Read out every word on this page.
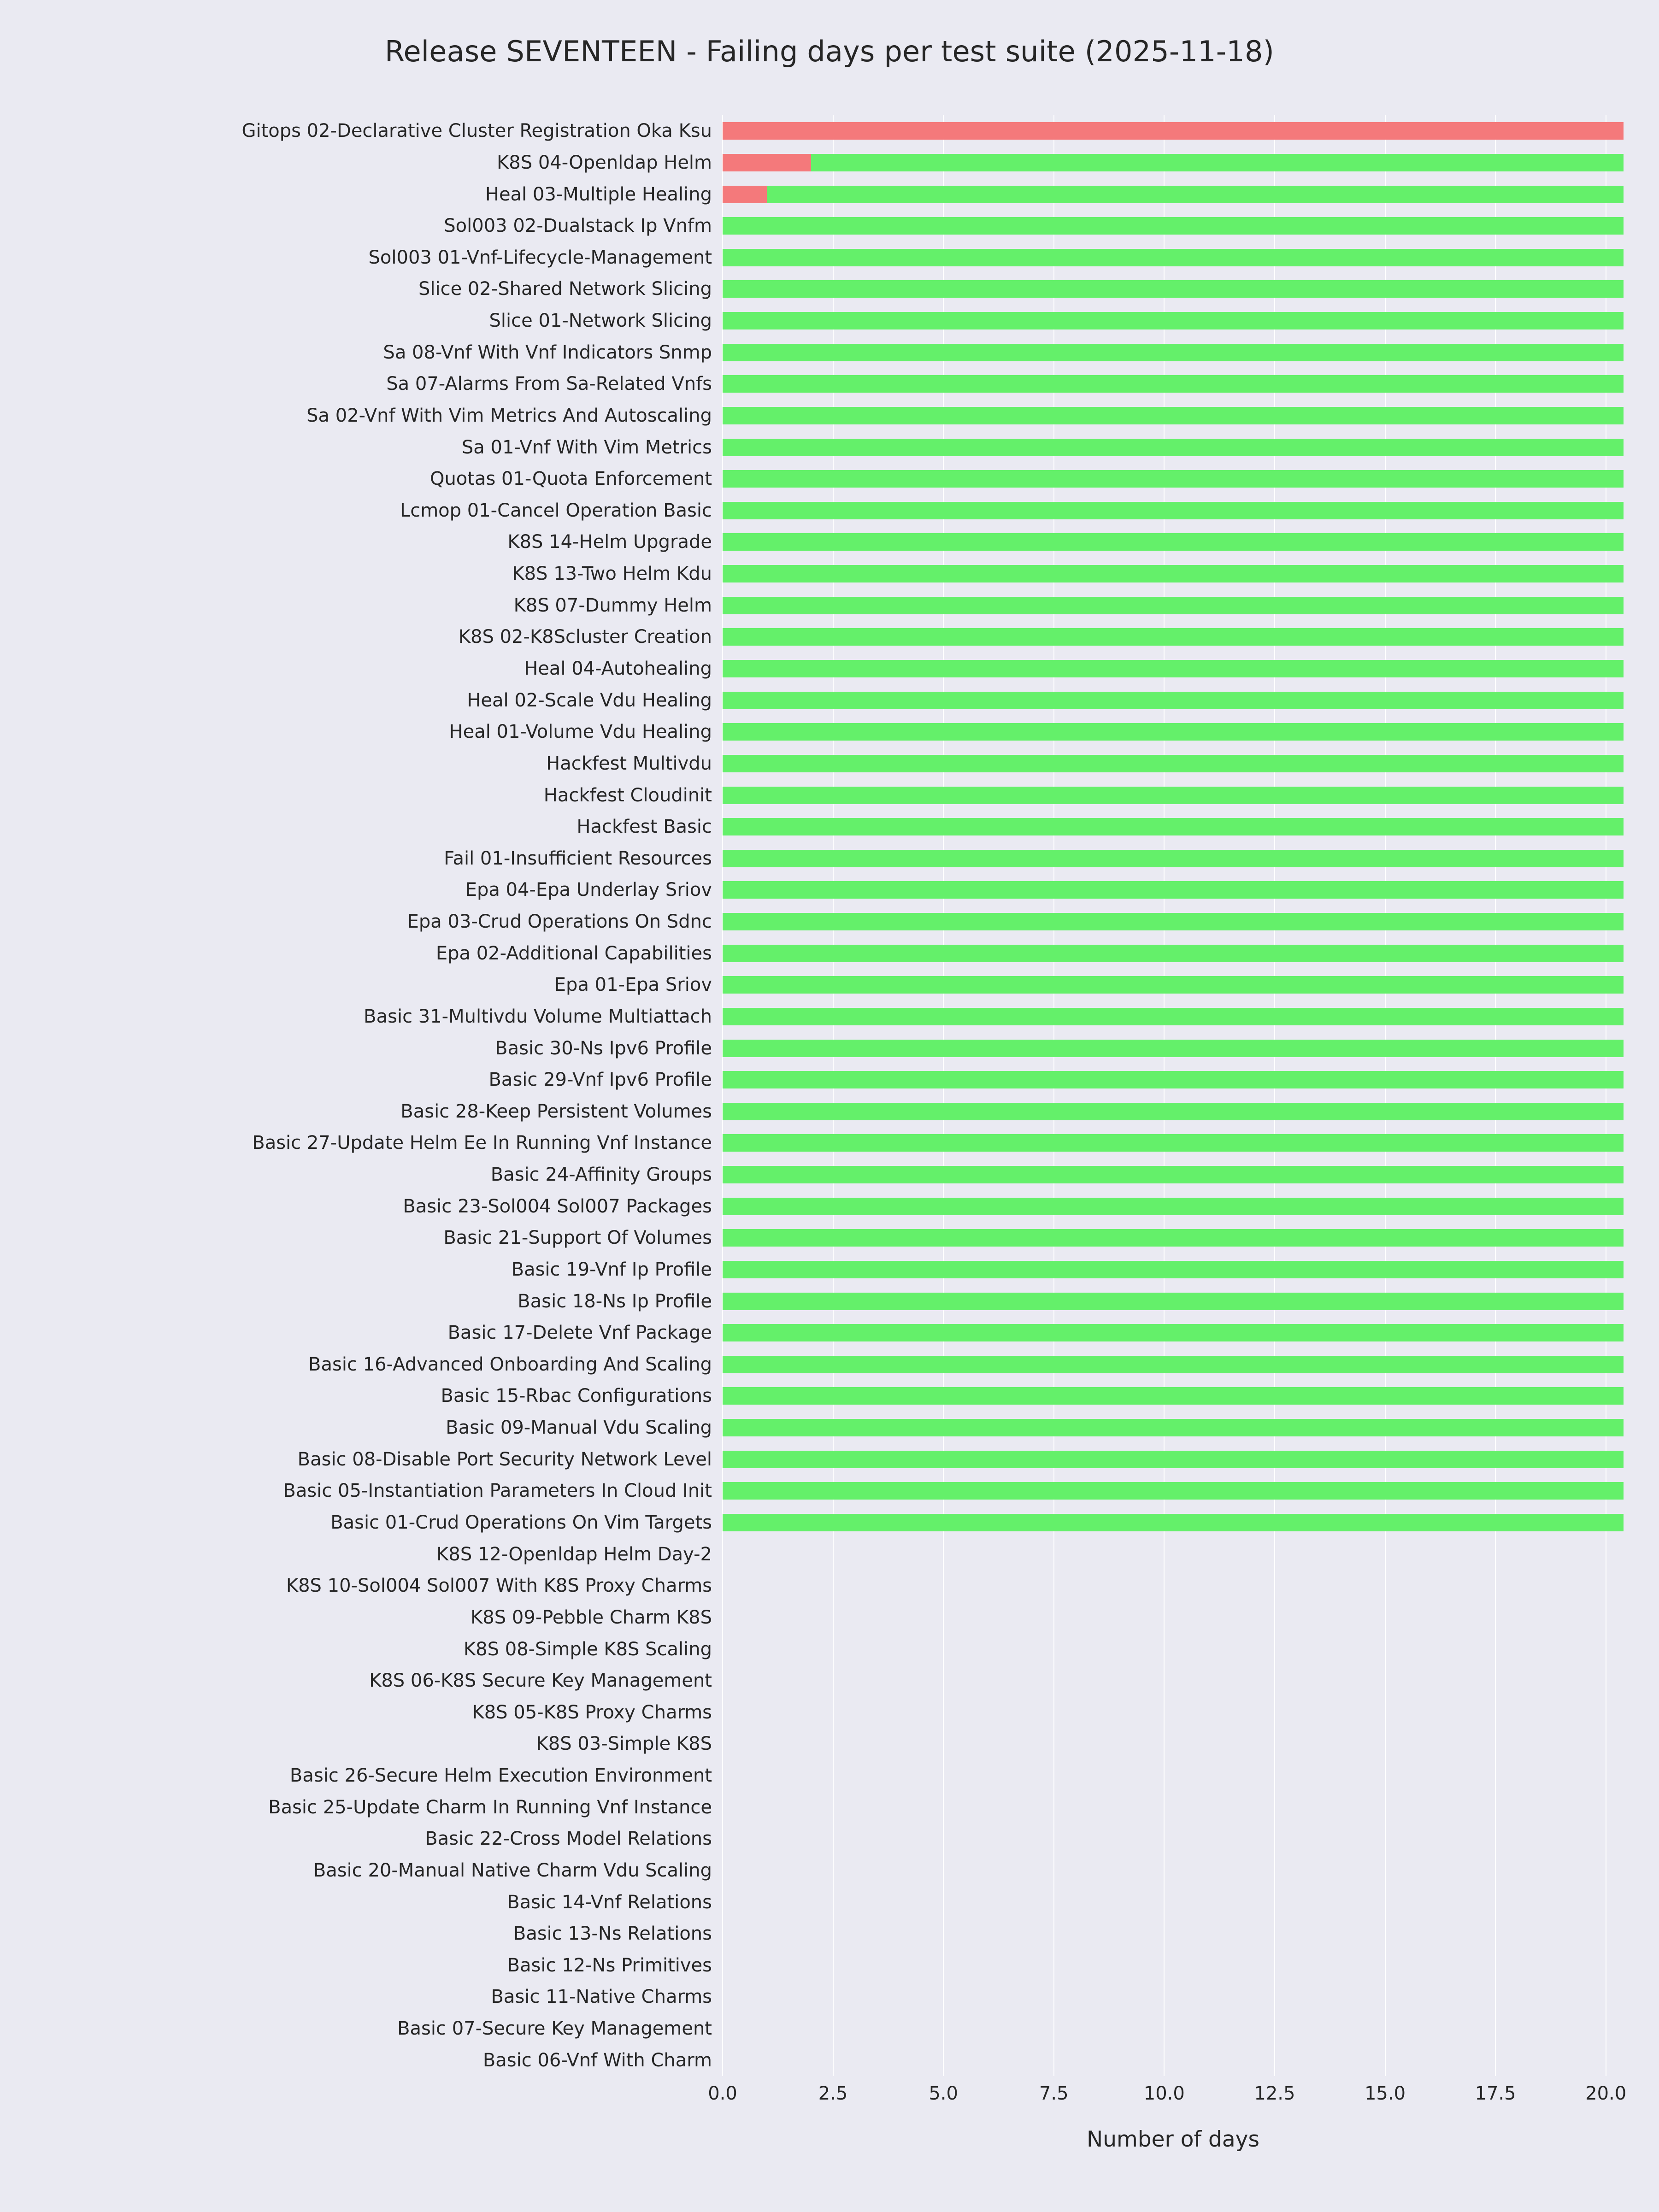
Release SEVENTEEN - Failing days per test suite (2025-11-18)
Gitops 02-Declarative Cluster Registration Oka Ksu
K8S 04-Openldap Helm
Heal 03-Multiple Healing
Sol003 02-Dualstack Ip Vnfm
Sol003 01-Vnf-Lifecycle-Management
Slice 02-Shared Network Slicing
Slice 01-Network Slicing
Sa 08-Vnf With Vnf Indicators Snmp
Sa 07-Alarms From Sa-Related Vnfs
Sa 02-Vnf With Vim Metrics And Autoscaling
Sa 01-Vnf With Vim Metrics
Quotas 01-Quota Enforcement
Lcmop 01-Cancel Operation Basic
K8S 14-Helm Upgrade
K8S 13-Two Helm Kdu
K8S 07-Dummy Helm
K8S 02-K8Scluster Creation
Heal 04-Autohealing
Heal 02-Scale Vdu Healing
Heal 01-Volume Vdu Healing
Hackfest Multivdu
Hackfest Cloudinit
Hackfest Basic
Fail 01-Insufficient Resources
Epa 04-Epa Underlay Sriov
Epa 03-Crud Operations On Sdnc
Epa 02-Additional Capabilities
Epa 01-Epa Sriov
Basic 31-Multivdu Volume Multiattach
Basic 30-Ns Ipv6 Profile
Basic 29-Vnf Ipv6 Profile
Basic 28-Keep Persistent Volumes
Basic 27-Update Helm Ee In Running Vnf Instance
Basic 24-Affinity Groups
Basic 23-Sol004 Sol007 Packages
Basic 21-Support Of Volumes
Basic 19-Vnf Ip Profile
Basic 18-Ns Ip Profile
Basic 17-Delete Vnf Package
Basic 16-Advanced Onboarding And Scaling
Basic 15-Rbac Configurations
Basic 09-Manual Vdu Scaling
Basic 08-Disable Port Security Network Level
Basic 05-Instantiation Parameters In Cloud Init
Basic 01-Crud Operations On Vim Targets
K8S 12-Openldap Helm Day-2
K8S 10-Sol004 Sol007 With K8S Proxy Charms
K8S 09-Pebble Charm K8S
K8S 08-Simple K8S Scaling
K8S 06-K8S Secure Key Management
K8S 05-K8S Proxy Charms
K8S 03-Simple K8S
Basic 26-Secure Helm Execution Environment
Basic 25-Update Charm In Running Vnf Instance
Basic 22-Cross Model Relations
Basic 20-Manual Native Charm Vdu Scaling
Basic 14-Vnf Relations
Basic 13-Ns Relations
Basic 12-Ns Primitives
Basic 11-Native Charms
Basic 07-Secure Key Management
Basic 06-Vnf With Charm
0.0	2.5	5.0	7.5	10.0	12.5	15.0	17.5	20.0
Number of days
